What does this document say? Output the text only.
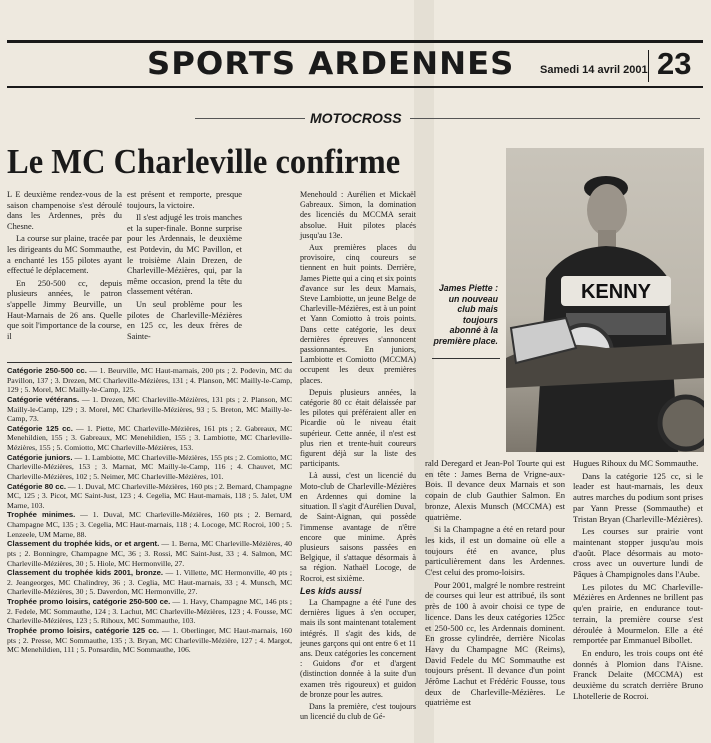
SPORTS ARDENNES Samedi 14 avril 2001 23
MOTOCROSS
Le MC Charleville confirme
KENNY
James Piette : un nouveau club mais toujours abonné à la première place.

L E deuxième rendez-vous de la saison champenoise s'est déroulé dans les Ardennes, près du Chesne.

La course sur plaine, tracée par les dirigeants du MC Sommauthe, a enchanté les 155 pilotes ayant effectué le déplacement.

En 250-500 cc, depuis plusieurs années, le patron s'appelle Jimmy Beurville, un Haut-Marnais de 26 ans. Quelle que soit l'importance de la course, il

est présent et remporte, presque toujours, la victoire.

Il s'est adjugé les trois manches et la super-finale. Bonne surprise pour les Ardennais, le deuxième est Potdevin, du MC Pavillon, et le troisième Alain Drezen, de Charleville-Mézières, qui, par la même occasion, prend la tête du classement vétéran.

Un seul problème pour les pilotes de Charleville-Mézières en 125 cc, les deux frères de Sainte-

Catégorie 250-500 cc. — 1. Beurville, MC Haut-marnais, 200 pts ; 2. Podevin, MC du Pavillon, 137 ; 3. Drezen, MC Charleville-Mézières, 131 ; 4. Planson, MC Mailly-le-Camp, 129 ; 5. Morel, MC Mailly-le-Camp, 125.

Catégorie vétérans. — 1. Drezen, MC Charleville-Mézières, 131 pts ; 2. Planson, MC Mailly-le-Camp, 129 ; 3. Morel, MC Charleville-Mézières, 93 ; 5. Breton, MC Mailly-le-Camp, 73.

Catégorie 125 cc. — 1. Piette, MC Charleville-Mézières, 161 pts ; 2. Gabreaux, MC Menehildien, 155 ; 3. Gabreaux, MC Menehildien, 155 ; 3. Lambiotte, MC Charleville-Mézières, 155 ; 5. Comiotto, MC Charleville-Mézières, 153.

Catégorie juniors. — 1. Lambiotte, MC Charleville-Mézières, 155 pts ; 2. Comiotto, MC Charleville-Mézières, 153 ; 3. Marnat, MC Mailly-le-Camp, 116 ; 4. Chauvet, MC Charleville-Mézières, 102 ; 5. Neimer, MC Charleville-Mézières, 101.

Catégorie 80 cc. — 1. Duval, MC Charleville-Mézières, 160 pts ; 2. Bernard, Champagne MC, 125 ; 3. Picot, MC Saint-Just, 123 ; 4. Cegelia, MC Haut-marnais, 118 ; 5. Jalet, UM Marne, 103.

Trophée minimes. — 1. Duval, MC Charleville-Mézières, 160 pts ; 2. Bernard, Champagne MC, 135 ; 3. Cegelia, MC Haut-marnais, 118 ; 4. Locoge, MC Rocroi, 100 ; 5. Lenzeele, UM Marne, 88.

Classement du trophée kids, or et argent. — 1. Berna, MC Charleville-Mézières, 40 pts ; 2. Bonningre, Champagne MC, 36 ; 3. Rossi, MC Saint-Just, 33 ; 4. Salmon, MC Charleville-Mézières, 30 ; 5. Hiole, MC Hermonville, 27.

Classement du trophée kids 2001, bronze. — 1. Villette, MC Hermonville, 40 pts ; 2. Jeangeorges, MC Chalindrey, 36 ; 3. Ceglia, MC Haut-marnais, 33 ; 4. Munsch, MC Charleville-Mézières, 30 ; 5. Daverdon, MC Hermonville, 27.

Trophée promo loisirs, catégorie 250-500 ce. — 1. Havy, Champagne MC, 146 pts ; 2. Fedele, MC Sommauthe, 124 ; 3. Lachut, MC Charleville-Mézières, 123 ; 4. Fousse, MC Charleville-Mézières, 123 ; 5. Rihoux, MC Sommauthe, 103.

Trophée promo loisirs, catégorie 125 cc. — 1. Oberlinger, MC Haut-marnais, 160 pts ; 2. Presse, MC Sommauthe, 135 ; 3. Bryan, MC Charleville-Mézière, 127 ; 4. Margot, MC Menehildien, 111 ; 5. Ponsardin, MC Sommauthe, 106.

Menehould : Aurélien et Mickaël Gabreaux. Simon, la domination des licenciés du MCCMA serait absolue. Huit pilotes placés jusqu'au 13e.

Aux premières places du provisoire, cinq coureurs se tiennent en huit points. Derrière, James Piette qui a cinq et six points d'avance sur les deux Marnais, Steve Lambiotte, un jeune Belge de Charleville-Mézières, est à un point et Yann Comiotto à trois points. Dans cette catégorie, les deux dernières épreuves s'annoncent passionnantes. En juniors, Lambiotte et Comiotto (MCCMA) occupent les deux premières places.

Depuis plusieurs années, la catégorie 80 cc était délaissée par les pilotes qui préféraient aller en Picardie où le niveau était supérieur. Cette année, il n'est est plus rien et trente-huit coureurs figurent déjà sur la liste des participants.

Là aussi, c'est un licencié du Moto-club de Charleville-Mézières en Ardennes qui domine la situation. Il s'agit d'Aurélien Duval, de Saint-Aignan, qui possède l'immense avantage de n'être encore que minime. Après plusieurs saisons passées en Belgique, il s'attaque désormais à sa région. Nathaël Locoge, de Rocroi, est sixième.

Les kids aussi

La Champagne a été l'une des dernières ligues à s'en occuper, mais ils sont maintenant totalement intégrés. Il s'agit des kids, de jeunes garçons qui ont entre 6 et 11 ans. Deux catégories les concernent : Guidons d'or et d'argent (distinction donnée à la suite d'un examen très rigoureux) et guidon de bronze pour les autres.

Dans la première, c'est toujours un licencié du club de Gé-

rald Deregard et Jean-Pol Tourte qui est en tête : James Berna de Vrigne-aux-Bois. Il devance deux Marnais et son copain de club Gauthier Salmon. En bronze, Alexis Munsch (MCCMA) est quatrième.

Si la Champagne a été en retard pour les kids, il est un domaine où elle a toujours été en avance, plus particulièrement dans les Ardennes. C'est celui des promo-loisirs.

Pour 2001, malgré le nombre restreint de courses qui leur est attribué, ils sont près de 100 à avoir choisi ce type de licence. Dans les deux catégories 125cc et 250-500 cc, les Ardennais dominent. En grosse cylindrée, derrière Nicolas Havy du Champagne MC (Reims), David Fedele du MC Sommauthe est toujours présent. Il devance d'un point Jérôme Lachut et Frédéric Fousse, tous deux de Charleville-Mézières. Le quatrième est

Hugues Rihoux du MC Sommauthe.

Dans la catégorie 125 cc, si le leader est haut-marnais, les deux autres marches du podium sont prises par Yann Presse (Sommauthe) et Tristan Bryan (Charleville-Mézières).

Les courses sur prairie vont maintenant stopper jusqu'au mois d'août. Place désormais au moto-cross avec un ouverture lundi de Pâques à Champignoles dans l'Aube.

Les pilotes du MC Charleville-Mézières en Ardennes ne brillent pas qu'en prairie, en endurance tout-terrain, la première course s'est déroulée à Mourmelon. Elle a été remportée par Emmanuel Bibollet.

En enduro, les trois coups ont été donnés à Plomion dans l'Aisne. Franck Delaite (MCCMA) est deuxième du scratch derrière Bruno Lhotellerie de Rocroi.
